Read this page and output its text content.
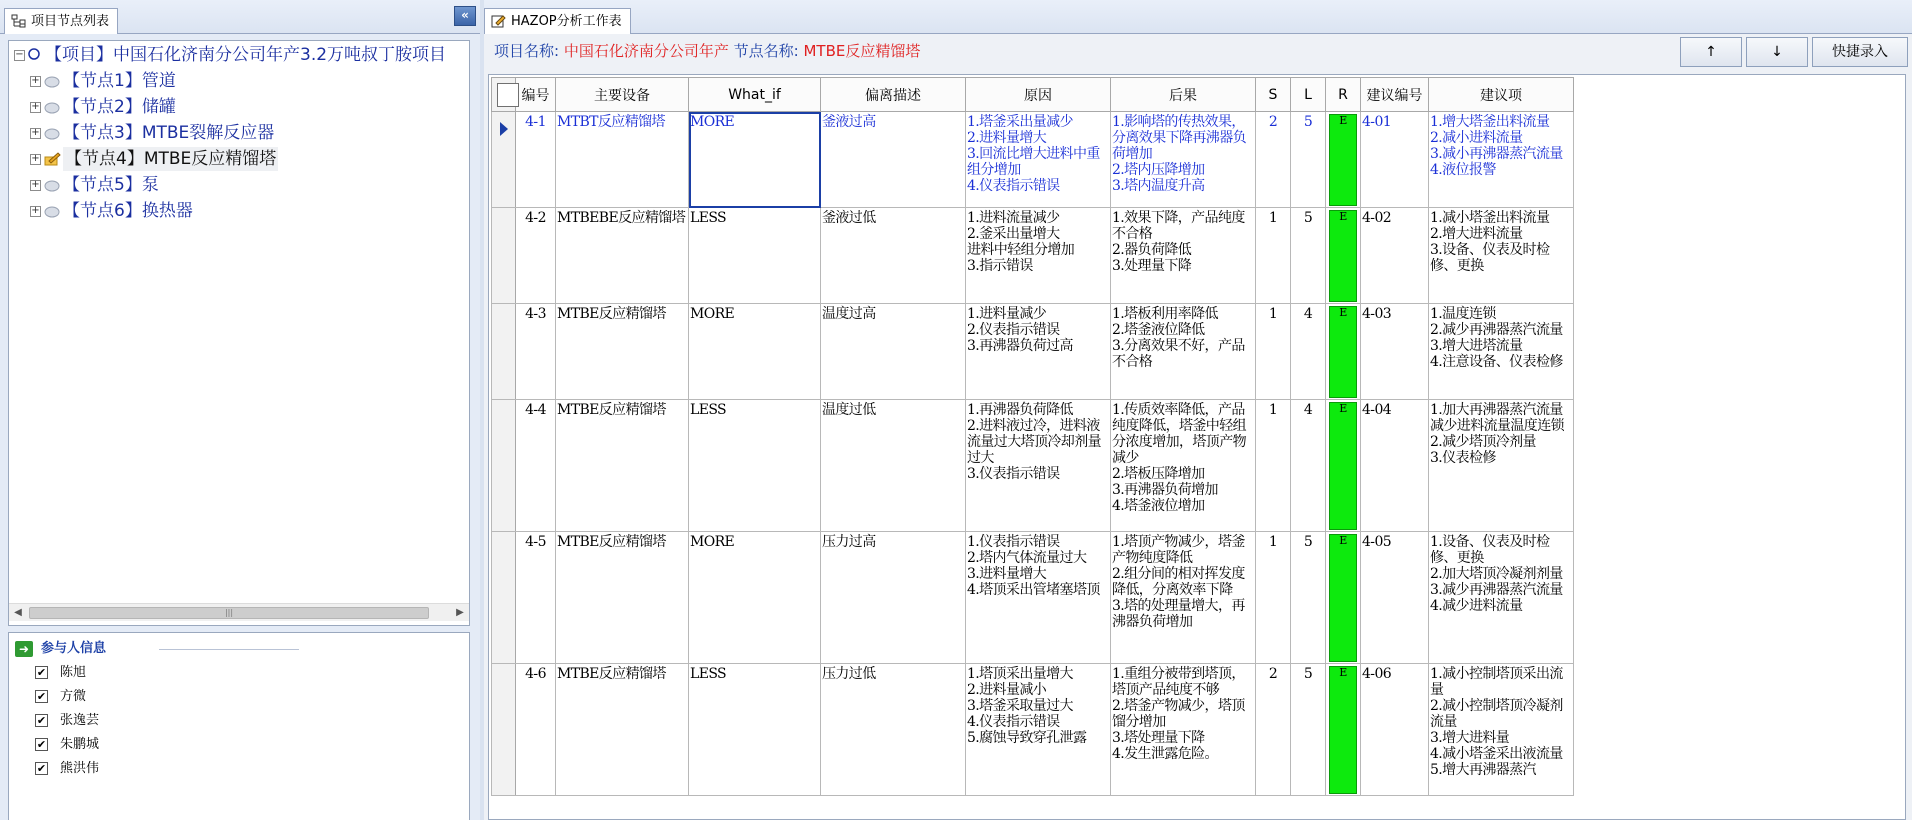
项目节点列表	«
− 【项目】中国石化济南分公司年产3.2万吨叔丁胺项目
+ 【节点1】管道
+ 【节点2】储罐
+ 【节点3】MTBE裂解反应器
+ 【节点4】MTBE反应精馏塔
+ 【节点5】泵
+ 【节点6】换热器
◀	|||	▶
➜ 参与人信息
✔ 陈旭
✔ 方微
✔ 张逸芸
✔ 朱鹏城
✔ 熊洪伟
HAZOP分析工作表
项目名称: 中国石化济南分公司年产 节点名称: MTBE反应精馏塔	↑	↓	快捷录入
	编号	主要设备	What_if	偏离描述	原因	后果	S	L	R	建议编号	建议项

	4-1	MTBT反应精馏塔	MORE	釜液过高	1.塔釜采出量减少
2.进料量增大
3.回流比增大进料中重组分增加
4.仪表指示错误	1.影响塔的传热效果，分离效果下降再沸器负荷增加
2.塔内压降增加
3.塔内温度升高	2	5	E	4-01	1.增大塔釜出料流量
2.减小进料流量
3.减小再沸器蒸汽流量
4.液位报警
	4-2	MTBEBE反应精馏塔	LESS	釜液过低	1.进料流量减少
2.釜采出量增大
进料中轻组分增加
3.指示错误	1.效果下降，产品纯度不合格
2.器负荷降低
3.处理量下降	1	5	E	4-02	1.减小塔釜出料流量
2.增大进料流量
3.设备、仪表及时检修、更换
	4-3	MTBE反应精馏塔	MORE	温度过高	1.进料量减少
2.仪表指示错误
3.再沸器负荷过高	1.塔板利用率降低
2.塔釜液位降低
3.分离效果不好，产品不合格	1	4	E	4-03	1.温度连锁
2.减少再沸器蒸汽流量
3.增大进塔流量
4.注意设备、仪表检修
	4-4	MTBE反应精馏塔	LESS	温度过低	1.再沸器负荷降低
2.进料液过冷，进料液流量过大塔顶冷却剂量过大
3.仪表指示错误	1.传质效率降低，产品纯度降低，塔釜中轻组分浓度增加，塔顶产物减少
2.塔板压降增加
3.再沸器负荷增加
4.塔釜液位增加	1	4	E	4-04	1.加大再沸器蒸汽流量减少进料流量温度连锁
2.减少塔顶冷剂量
3.仪表检修
	4-5	MTBE反应精馏塔	MORE	压力过高	1.仪表指示错误
2.塔内气体流量过大
3.进料量增大
4.塔顶采出管堵塞塔顶	1.塔顶产物减少，塔釜产物纯度降低
2.组分间的相对挥发度降低，分离效率下降
3.塔的处理量增大，再沸器负荷增加	1	5	E	4-05	1.设备、仪表及时检修、更换
2.加大塔顶冷凝剂剂量
3.减少再沸器蒸汽流量
4.减少进料流量
	4-6	MTBE反应精馏塔	LESS	压力过低	1.塔顶采出量增大
2.进料量减小
3.塔釜采取量过大
4.仪表指示错误
5.腐蚀导致穿孔泄露	1.重组分被带到塔顶，塔顶产品纯度不够
2.塔釜产物减少，塔顶馏分增加
3.塔处理量下降
4.发生泄露危险。	2	5	E	4-06	1.减小控制塔顶采出流量
2.减小控制塔顶冷凝剂流量
3.增大进料量
4.减小塔釜采出液流量
5.增大再沸器蒸汽
